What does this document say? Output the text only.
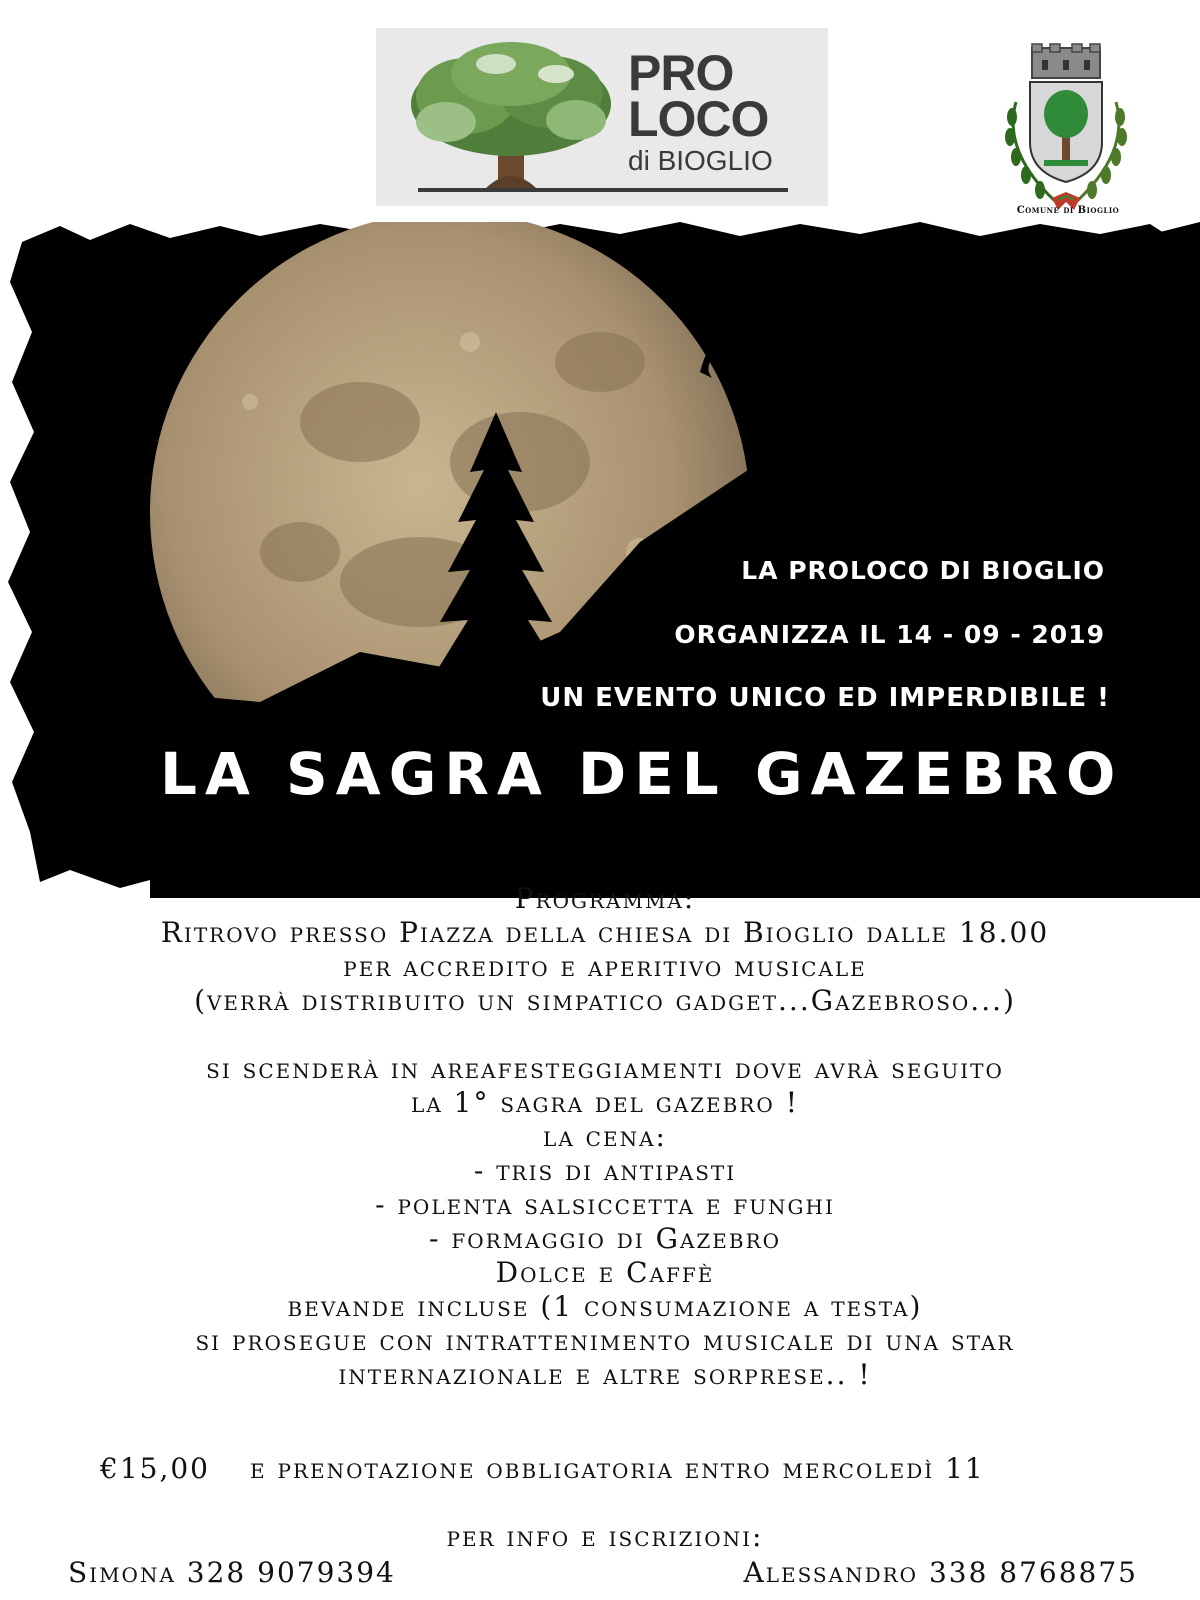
PRO
LOCO
di BIOGLIO
Comune di Bioglio
LA PROLOCO DI BIOGLIO
ORGANIZZA IL 14 - 09 - 2019
UN EVENTO UNICO ED IMPERDIBILE !
LA SAGRA DEL GAZEBRO
Programma:
Ritrovo presso Piazza della chiesa di Bioglio dalle 18.00
per accredito e aperitivo musicale
(verrà distribuito un simpatico gadget...Gazebroso...)
si scenderà in areafesteggiamenti dove avrà seguito
la 1° sagra del gazebro !
la cena:
- tris di antipasti
- polenta salsiccetta e funghi
- formaggio di Gazebro
Dolce e Caffè
bevande incluse (1 consumazione a testa)
si prosegue con intrattenimento musicale di una star
internazionale e altre sorprese.. !
€15,00 e prenotazione obbligatoria entro mercoledì 11
per info e iscrizioni:
Simona 328 9079394	Alessandro 338 8768875
